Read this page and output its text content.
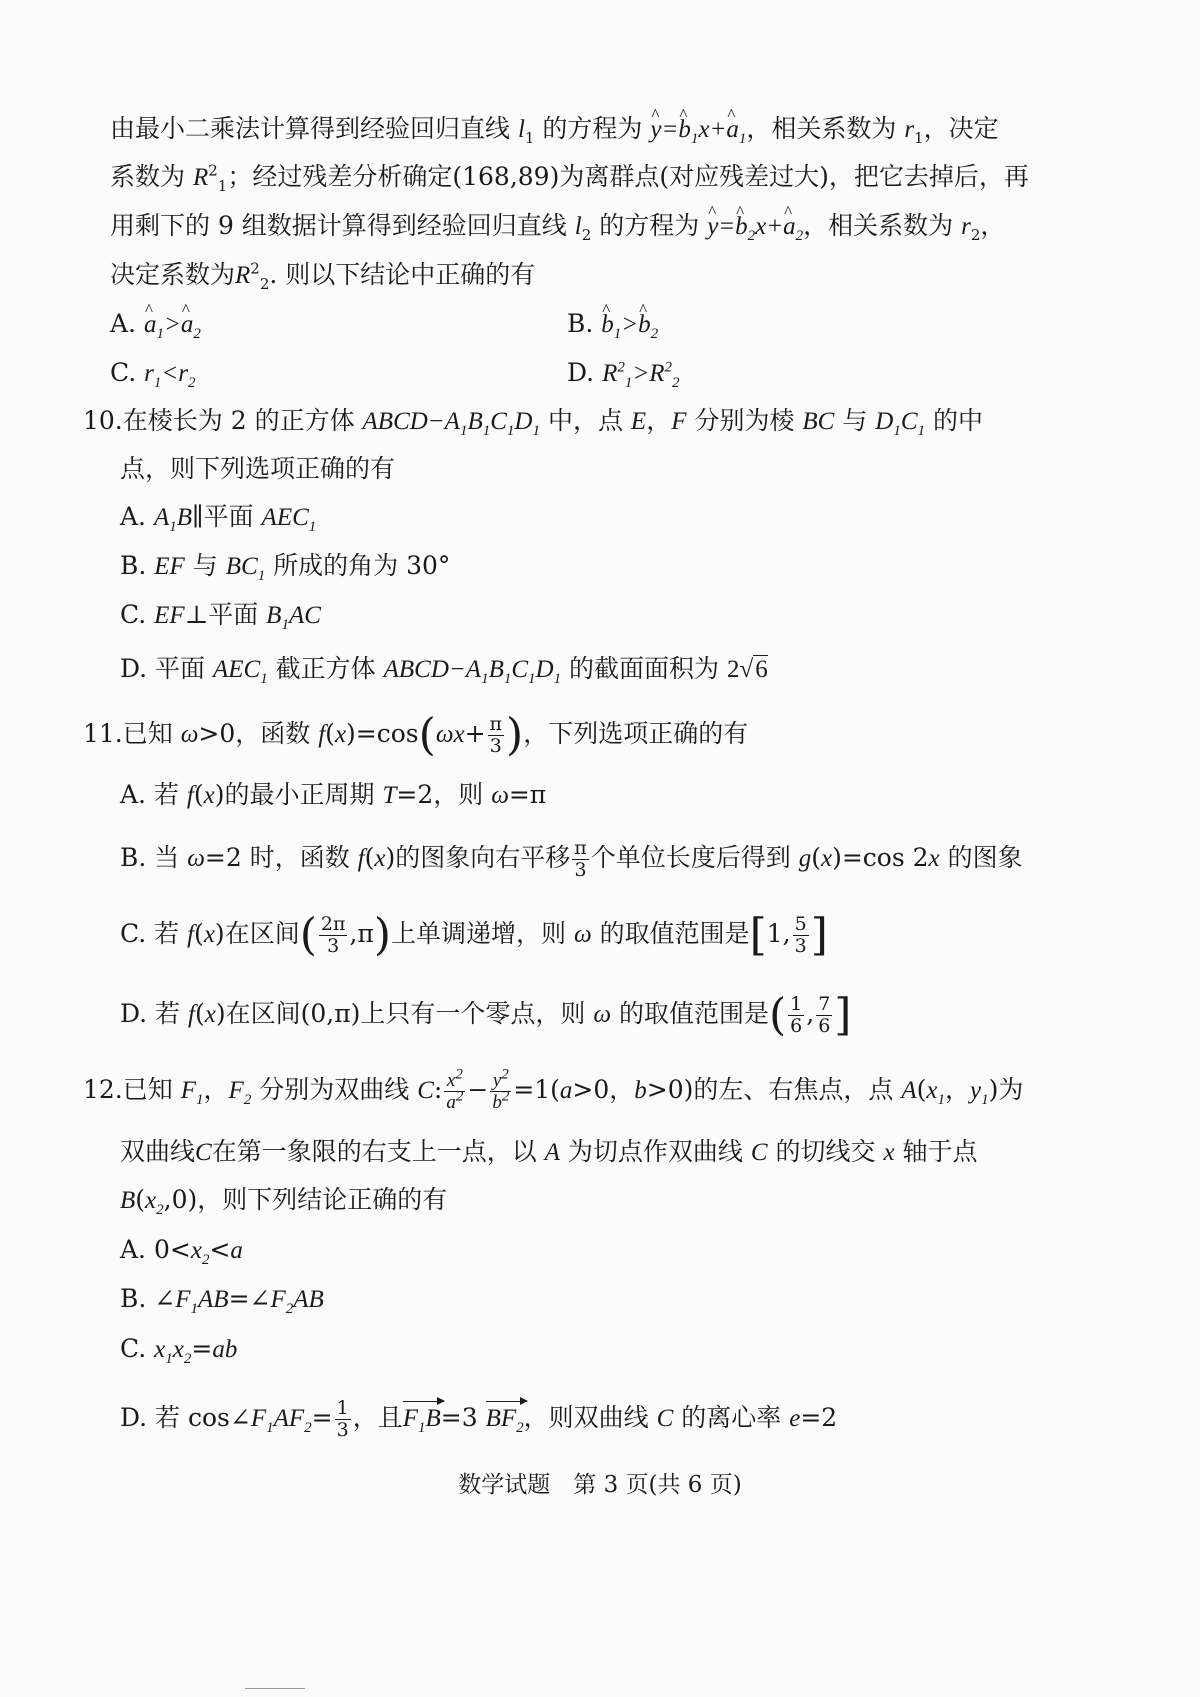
由最小二乘法计算得到经验回归直线 $l_1$ 的方程为 ^ y=^ $b_1x+\^{}$ $a_1$，相关系数为 $r_1$，决定
系数为 $R^2_1$；经过残差分析确定(168,89)为离群点(对应残差过大)，把它去掉后，再
用剩下的 9 组数据计算得到经验回归直线 $l_2$ 的方程为 ^ y=^ $b_2x+\^{}$ $a_2$，相关系数为 $r_2$，
决定系数为$R^2_2$. 则以下结论中正确的有
A. ^ $a_1>\^{}$ $a_2$	B. ^ $b_1>\^{}$ $b_2$
C. $r_1<r_2$	D. $R^2_1>R^2_2$
10.在棱长为 2 的正方体 $ABCD-A_1B_1C_1D_1$ 中，点 E，F 分别为棱 BC 与 $D_1C_1$ 的中
点，则下列选项正确的有
A. $A_1B\parallel$平面 $AEC_1$
B. EF 与 $BC_1$ 所成的角为 30°
C. EF⊥平面 $B_1AC$
D. 平面 $AEC_1$ 截正方体 $ABCD-A_1B_1C_1D_1$ 的截面面积为 2√6
11.已知 ω>0，函数 $f(x)=\cos(\omega x+ \frac{\pi}{3}$ )，下列选项正确的有
A. 若 f(x)的最小正周期 T=2，则 ω=π
B. 当 ω=2 时，函数 f(x)的图象向右平移 $\frac{\pi}{3}$ 个单位长度后得到 g(x)=cos 2x 的图象
C. 若 f(x)在区间( $\frac{2\pi}{3} ,\pi$)上单调递增，则 ω 的取值范围是[1, $\frac{5}{3}$ ]
D. 若 f(x)在区间(0,π)上只有一个零点，则 ω 的取值范围是( $\frac{1}{6}$ , $\frac{7}{6}$ ]
12.已知 $F_1$，$F_2$ 分别为双曲线 C: $\frac{x^2}{a^2} - \frac{y^2}{b^2} =1(a>0$，b>0)的左、右焦点，点 $A(x_1$，$y_1$)为
双曲线C在第一象限的右支上一点，以 A 为切点作双曲线 C 的切线交 x 轴于点
$B(x_2,0)$，则下列结论正确的有
A. $0<x_2<a$
B. $\angle F_1AB=\angle F_2AB$
C. $x_1x_2=ab$
D. 若 $\cos\angle F_1AF_2= \frac{1}{3}$ ，且$F_1B=3$ $BF_2$，则双曲线 C 的离心率 e=2
数学试题　第 3 页(共 6 页)
